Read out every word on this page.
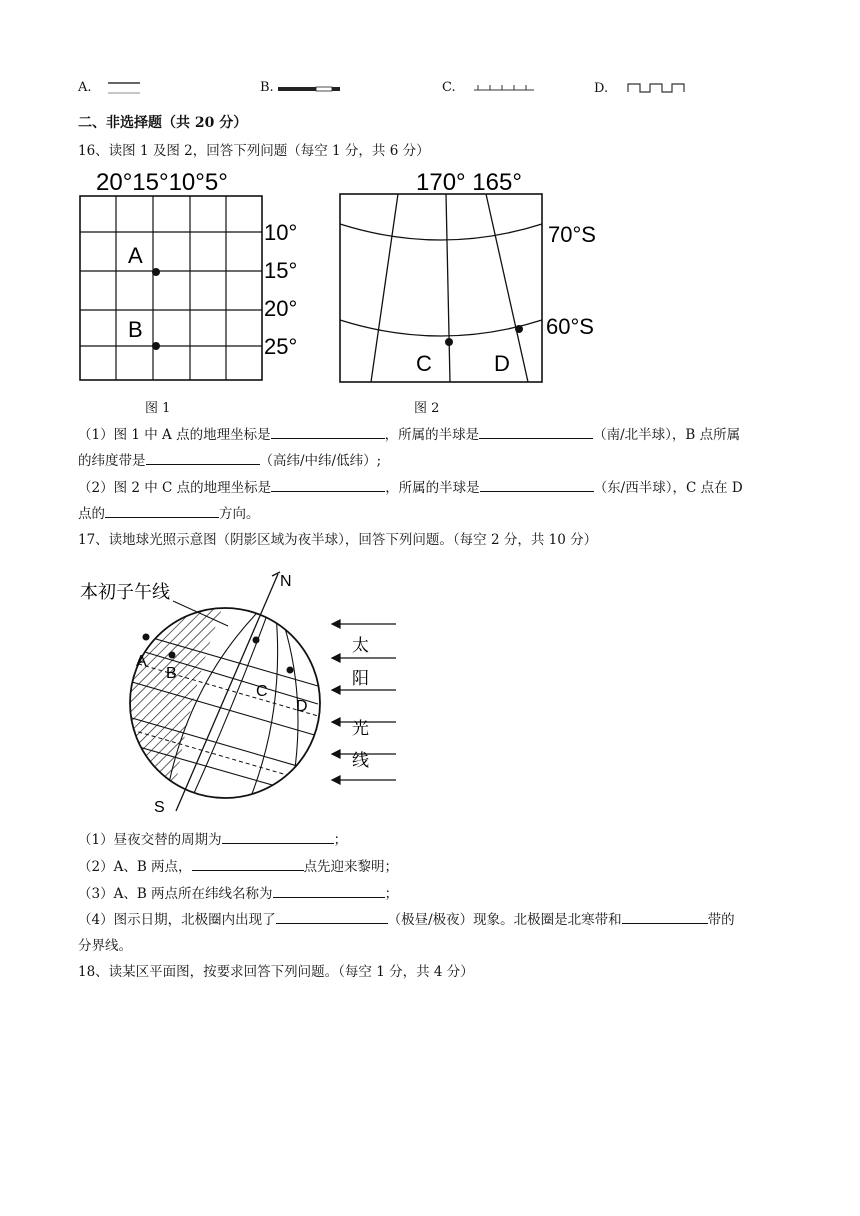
A.	B.	C.	D.
二、非选择题（共 20 分）
16、读图 1 及图 2，回答下列问题（每空 1 分，共 6 分）
20°15°10°5°
A
B
10°
15°
20°
25°
图 1
170° 165°
C	D
70°S
60°S
图 2
（1）图 1 中 A 点的地理坐标是	，所属的半球是	（南/北半球），B 点所属
的纬度带是	（高纬/中纬/低纬）;
（2）图 2 中 C 点的地理坐标是	，所属的半球是	（东/西半球），C 点在 D
点的	方向。
17、读地球光照示意图（阴影区域为夜半球），回答下列问题。（每空 2 分，共 10 分）
本初子午线
A
B
C
D
N
S
太
阳
光
线
（1）昼夜交替的周期为	；
（2）A、B 两点，	点先迎来黎明；
（3）A、B 两点所在纬线名称为	；
（4）图示日期，北极圈内出现了	（极昼/极夜）现象。北极圈是北寒带和	带的
分界线。
18、读某区平面图，按要求回答下列问题。（每空 1 分，共 4 分）
